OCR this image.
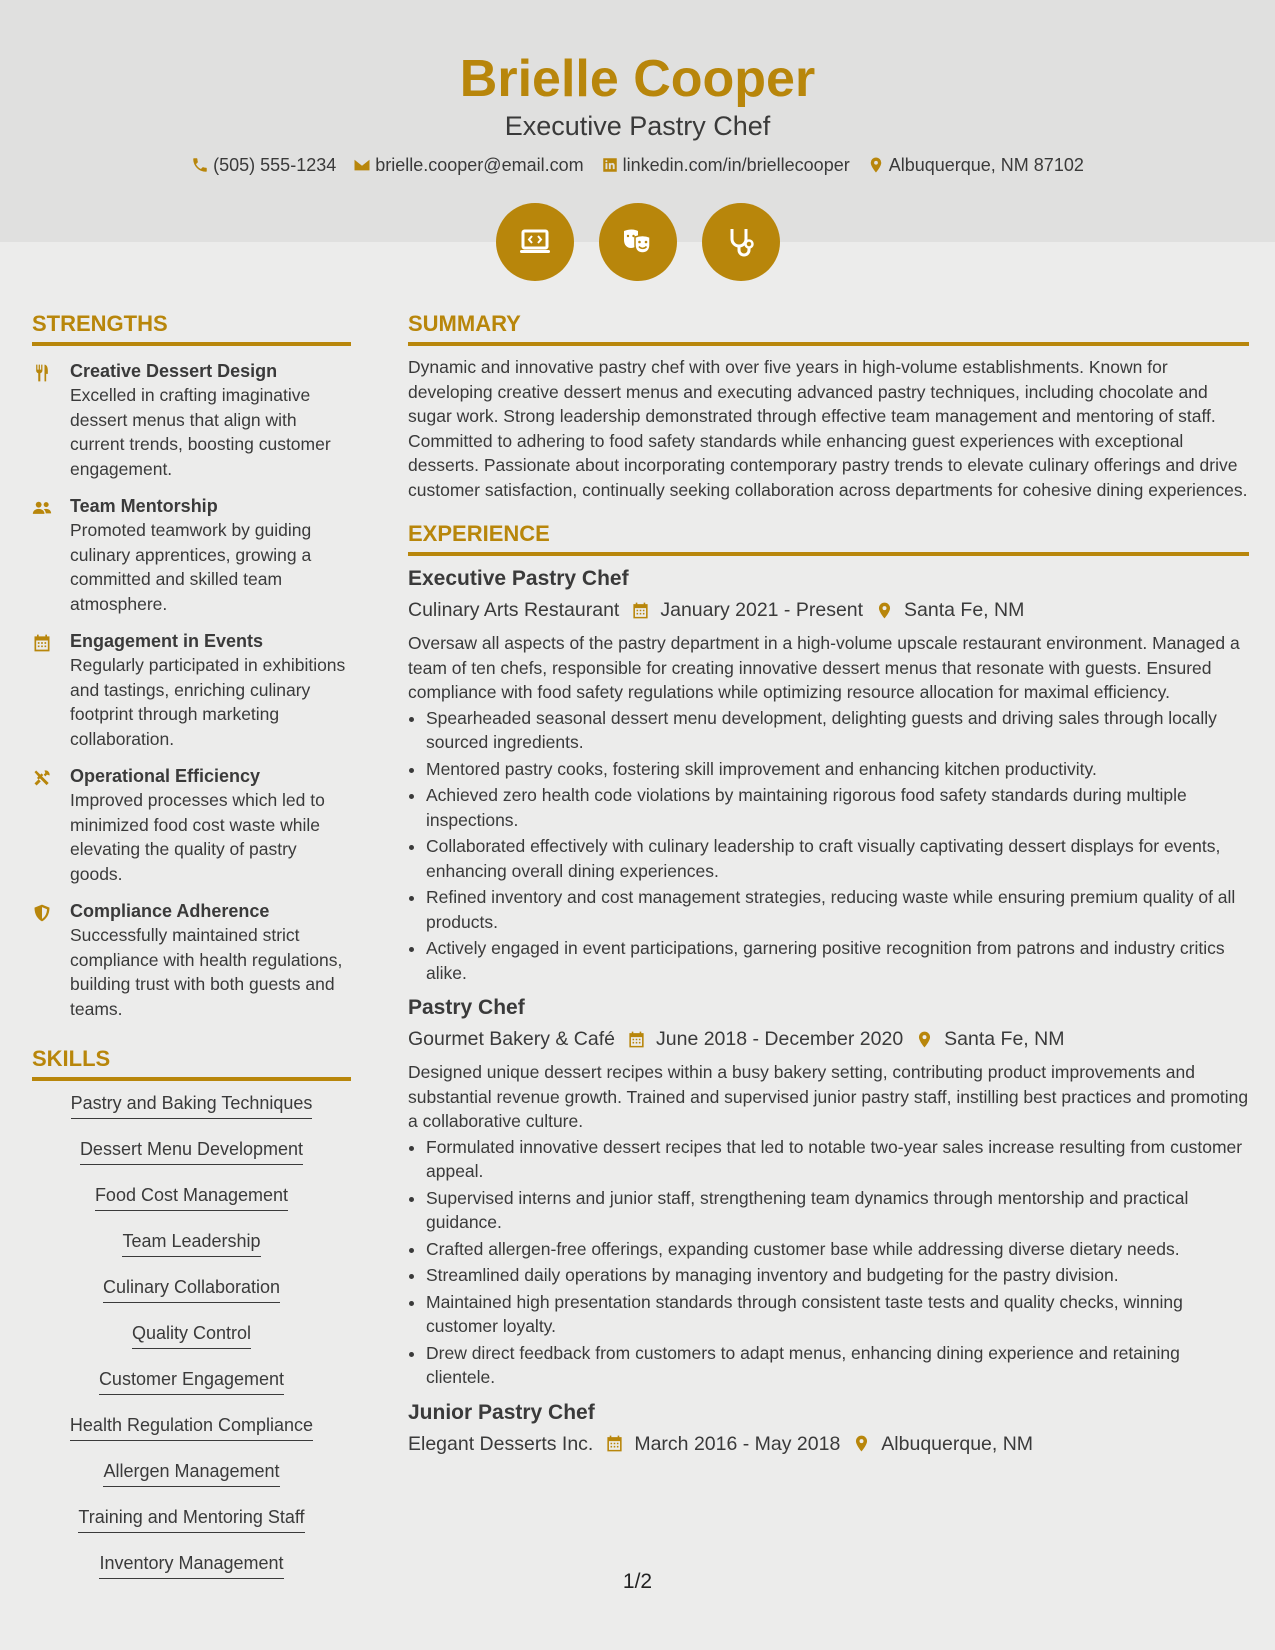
Brielle Cooper
Executive Pastry Chef
(505) 555-1234 brielle.cooper@email.com linkedin.com/in/briellecooper Albuquerque, NM 87102
STRENGTHS
Creative Dessert Design

Excelled in crafting imaginative dessert menus that align with current trends, boosting customer engagement.

Team Mentorship

Promoted teamwork by guiding culinary apprentices, growing a committed and skilled team atmosphere.

Engagement in Events

Regularly participated in exhibitions and tastings, enriching culinary footprint through marketing collaboration.

Operational Efficiency

Improved processes which led to minimized food cost waste while elevating the quality of pastry goods.

Compliance Adherence

Successfully maintained strict compliance with health regulations, building trust with both guests and teams.

SKILLS
Pastry and Baking Techniques
Dessert Menu Development
Food Cost Management
Team Leadership
Culinary Collaboration
Quality Control
Customer Engagement
Health Regulation Compliance
Allergen Management
Training and Mentoring Staff
Inventory Management
SUMMARY

Dynamic and innovative pastry chef with over five years in high-volume establishments. Known for developing creative dessert menus and executing advanced pastry techniques, including chocolate and sugar work. Strong leadership demonstrated through effective team management and mentoring of staff. Committed to adhering to food safety standards while enhancing guest experiences with exceptional desserts. Passionate about incorporating contemporary pastry trends to elevate culinary offerings and drive customer satisfaction, continually seeking collaboration across departments for cohesive dining experiences.

EXPERIENCE
Executive Pastry Chef
Culinary Arts Restaurant January 2021 - Present Santa Fe, NM

Oversaw all aspects of the pastry department in a high-volume upscale restaurant environment. Managed a team of ten chefs, responsible for creating innovative dessert menus that resonate with guests. Ensured compliance with food safety regulations while optimizing resource allocation for maximal efficiency.

• Spearheaded seasonal dessert menu development, delighting guests and driving sales through locally sourced ingredients.
• Mentored pastry cooks, fostering skill improvement and enhancing kitchen productivity.
• Achieved zero health code violations by maintaining rigorous food safety standards during multiple inspections.
• Collaborated effectively with culinary leadership to craft visually captivating dessert displays for events, enhancing overall dining experiences.
• Refined inventory and cost management strategies, reducing waste while ensuring premium quality of all products.
• Actively engaged in event participations, garnering positive recognition from patrons and industry critics alike.
Pastry Chef
Gourmet Bakery & Café June 2018 - December 2020 Santa Fe, NM

Designed unique dessert recipes within a busy bakery setting, contributing product improvements and substantial revenue growth. Trained and supervised junior pastry staff, instilling best practices and promoting a collaborative culture.

• Formulated innovative dessert recipes that led to notable two-year sales increase resulting from customer appeal.
• Supervised interns and junior staff, strengthening team dynamics through mentorship and practical guidance.
• Crafted allergen-free offerings, expanding customer base while addressing diverse dietary needs.
• Streamlined daily operations by managing inventory and budgeting for the pastry division.
• Maintained high presentation standards through consistent taste tests and quality checks, winning customer loyalty.
• Drew direct feedback from customers to adapt menus, enhancing dining experience and retaining clientele.
Junior Pastry Chef
Elegant Desserts Inc. March 2016 - May 2018 Albuquerque, NM
1/2
